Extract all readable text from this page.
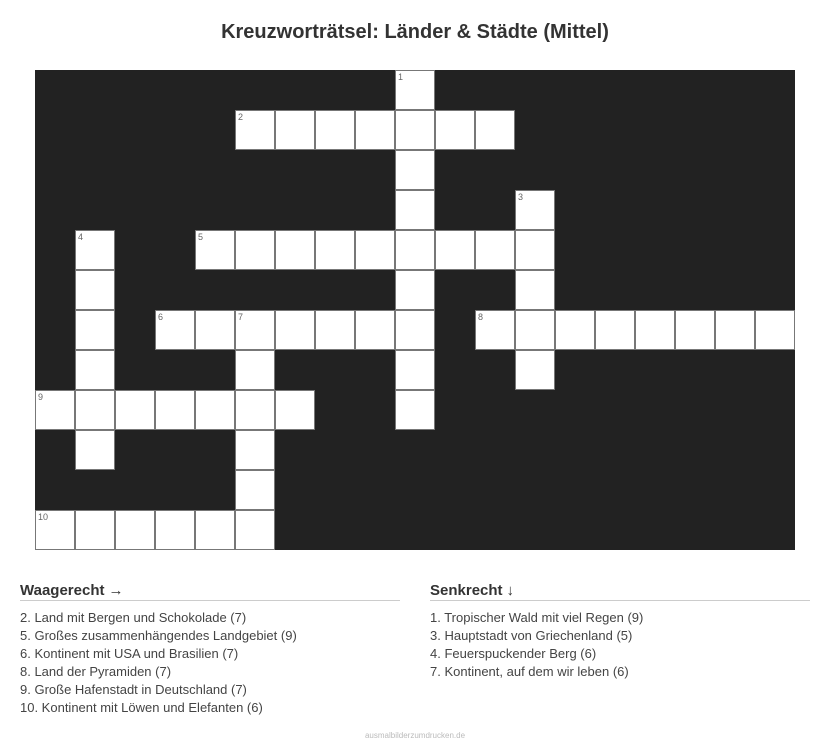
Kreuzworträtsel: Länder & Städte (Mittel)
1
2
3
4	5
6	7	8
9
10
Waagerecht →
2. Land mit Bergen und Schokolade (7)
5. Großes zusammenhängendes Landgebiet (9)
6. Kontinent mit USA und Brasilien (7)
8. Land der Pyramiden (7)
9. Große Hafenstadt in Deutschland (7)
10. Kontinent mit Löwen und Elefanten (6)
Senkrecht ↓
1. Tropischer Wald mit viel Regen (9)
3. Hauptstadt von Griechenland (5)
4. Feuerspuckender Berg (6)
7. Kontinent, auf dem wir leben (6)
ausmalbilderzumdrucken.de
